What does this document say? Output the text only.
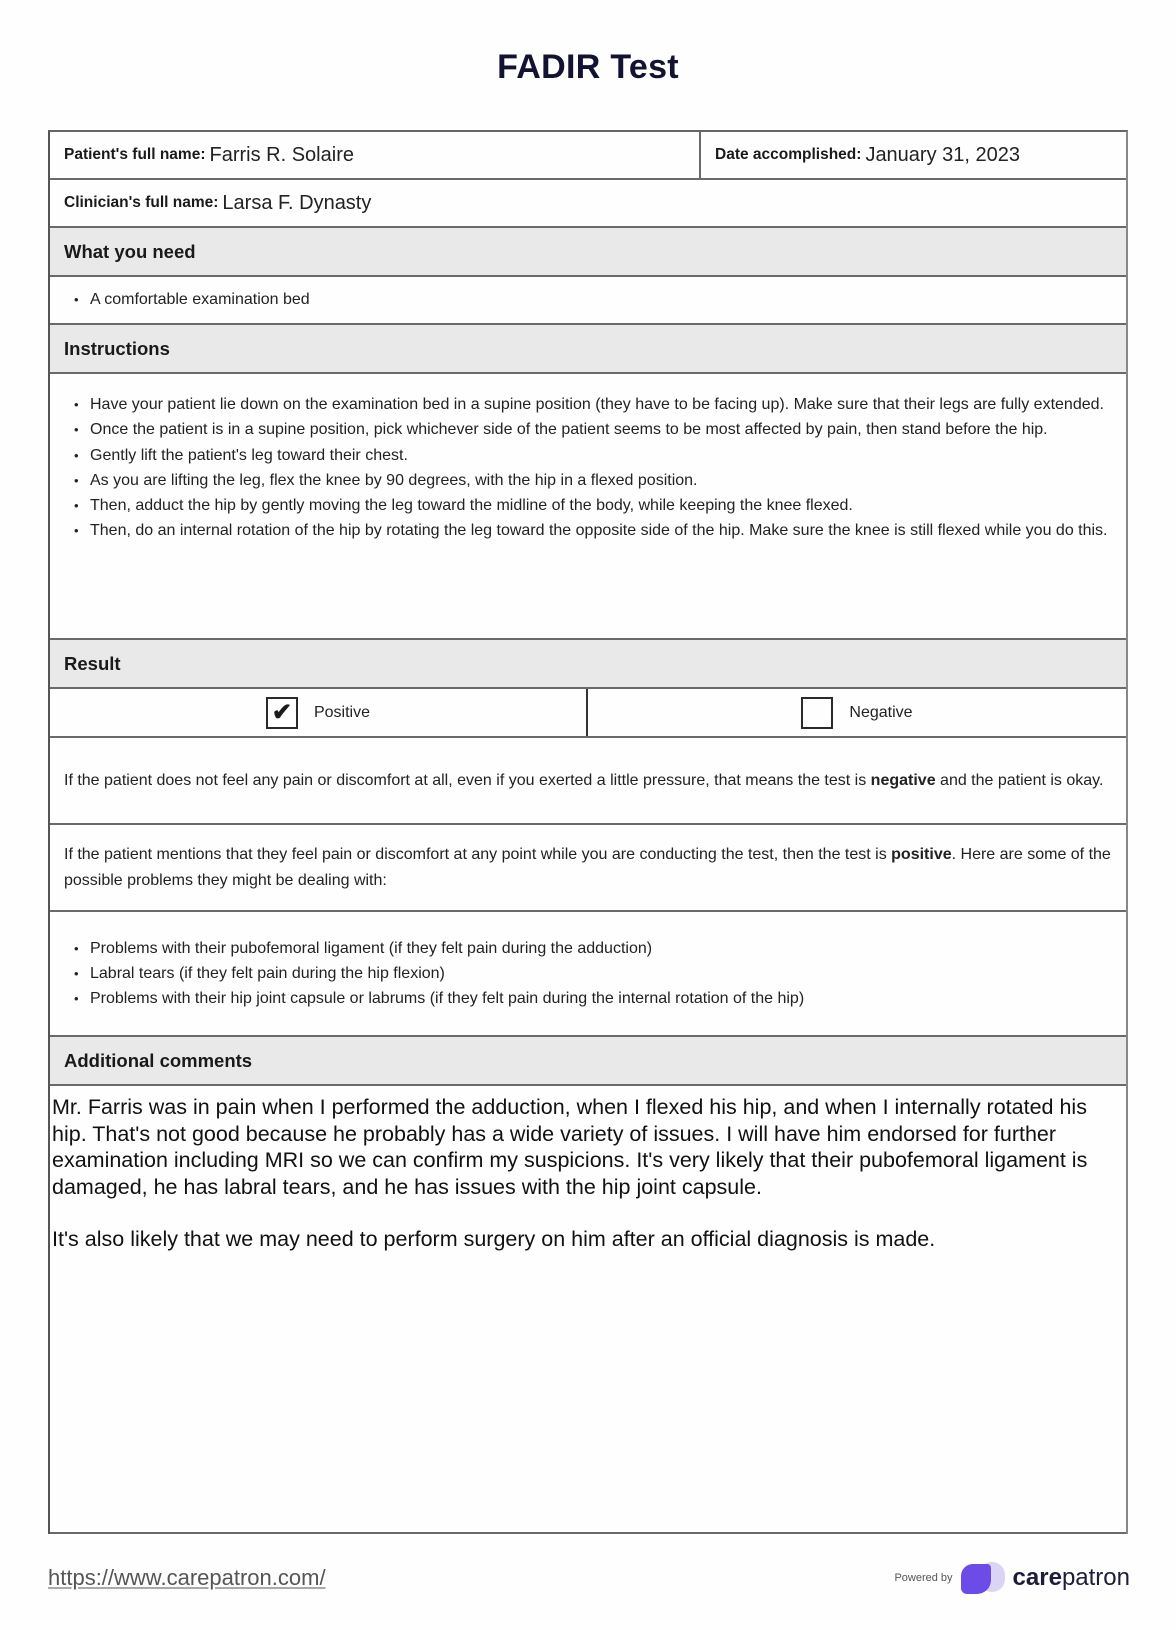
FADIR Test
Patient's full name: Farris R. Solaire	Date accomplished: January 31, 2023
Clinician's full name: Larsa F. Dynasty
What you need
• A comfortable examination bed
Instructions
• Have your patient lie down on the examination bed in a supine position (they have to be facing up). Make sure that their legs are fully extended.
• Once the patient is in a supine position, pick whichever side of the patient seems to be most affected by pain, then stand before the hip.
• Gently lift the patient's leg toward their chest.
• As you are lifting the leg, flex the knee by 90 degrees, with the hip in a flexed position.
• Then, adduct the hip by gently moving the leg toward the midline of the body, while keeping the knee flexed.
• Then, do an internal rotation of the hip by rotating the leg toward the opposite side of the hip. Make sure the knee is still flexed while you do this.
Result
✔	Positive	Negative
If the patient does not feel any pain or discomfort at all, even if you exerted a little pressure, that means the test is negative and the patient is okay.
If the patient mentions that they feel pain or discomfort at any point while you are conducting the test, then the test is positive. Here are some of the possible problems they might be dealing with:
• Problems with their pubofemoral ligament (if they felt pain during the adduction)
• Labral tears (if they felt pain during the hip flexion)
• Problems with their hip joint capsule or labrums (if they felt pain during the internal rotation of the hip)
Additional comments

Mr. Farris was in pain when I performed the adduction, when I flexed his hip, and when I internally rotated his hip. That's not good because he probably has a wide variety of issues. I will have him endorsed for further examination including MRI so we can confirm my suspicions. It's very likely that their pubofemoral ligament is damaged, he has labral tears, and he has issues with the hip joint capsule.

It's also likely that we may need to perform surgery on him after an official diagnosis is made.

https://www.carepatron.com/	Powered by	carepatron
